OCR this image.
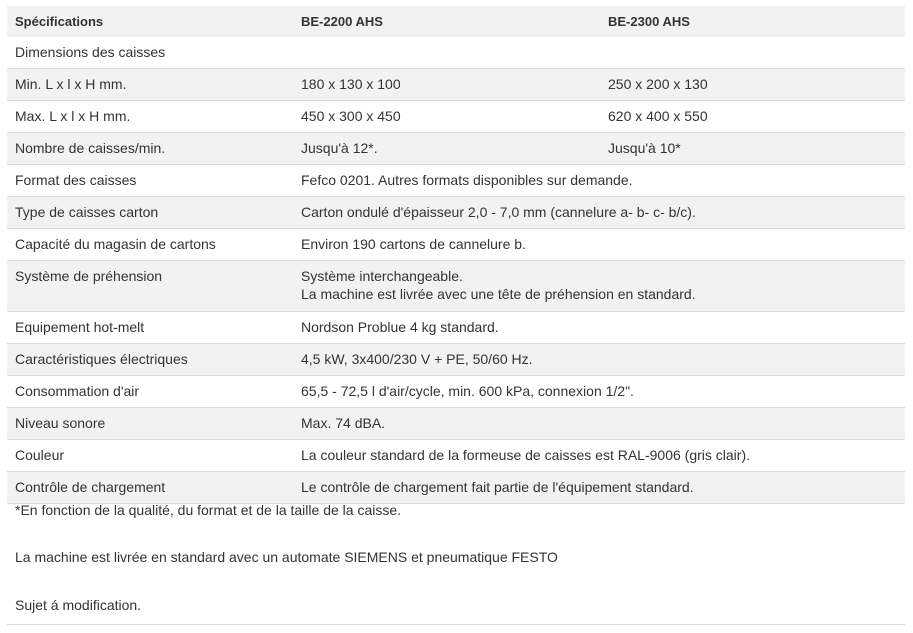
Spécifications	BE-2200 AHS	BE-2300 AHS
Dimensions des caisses		
Min. L x l x H mm.	180 x 130 x 100	250 x 200 x 130
Max. L x l x H mm.	450 x 300 x 450	620 x 400 x 550
Nombre de caisses/min.	Jusqu'à 12*.	Jusqu'à 10*
Format des caisses	Fefco 0201. Autres formats disponibles sur demande.	
Type de caisses carton	Carton ondulé d'épaisseur 2,0 - 7,0 mm (cannelure a- b- c- b/c).	
Capacité du magasin de cartons	Environ 190 cartons de cannelure b.	
Système de préhension	Système interchangeable.
La machine est livrée avec une tête de préhension en standard.	

Equipement hot-melt	Nordson Problue 4 kg standard.	
Caractéristiques électriques	4,5 kW, 3x400/230 V + PE, 50/60 Hz.	
Consommation d'air	65,5 - 72,5 l d'air/cycle, min. 600 kPa, connexion 1/2".	
Niveau sonore	Max. 74 dBA.	
Couleur	La couleur standard de la formeuse de caisses est RAL-9006 (gris clair).	
Contrôle de chargement	Le contrôle de chargement fait partie de l'équipement standard.	

*En fonction de la qualité, du format et de la taille de la caisse.

La machine est livrée en standard avec un automate SIEMENS et pneumatique FESTO

Sujet á modification.
